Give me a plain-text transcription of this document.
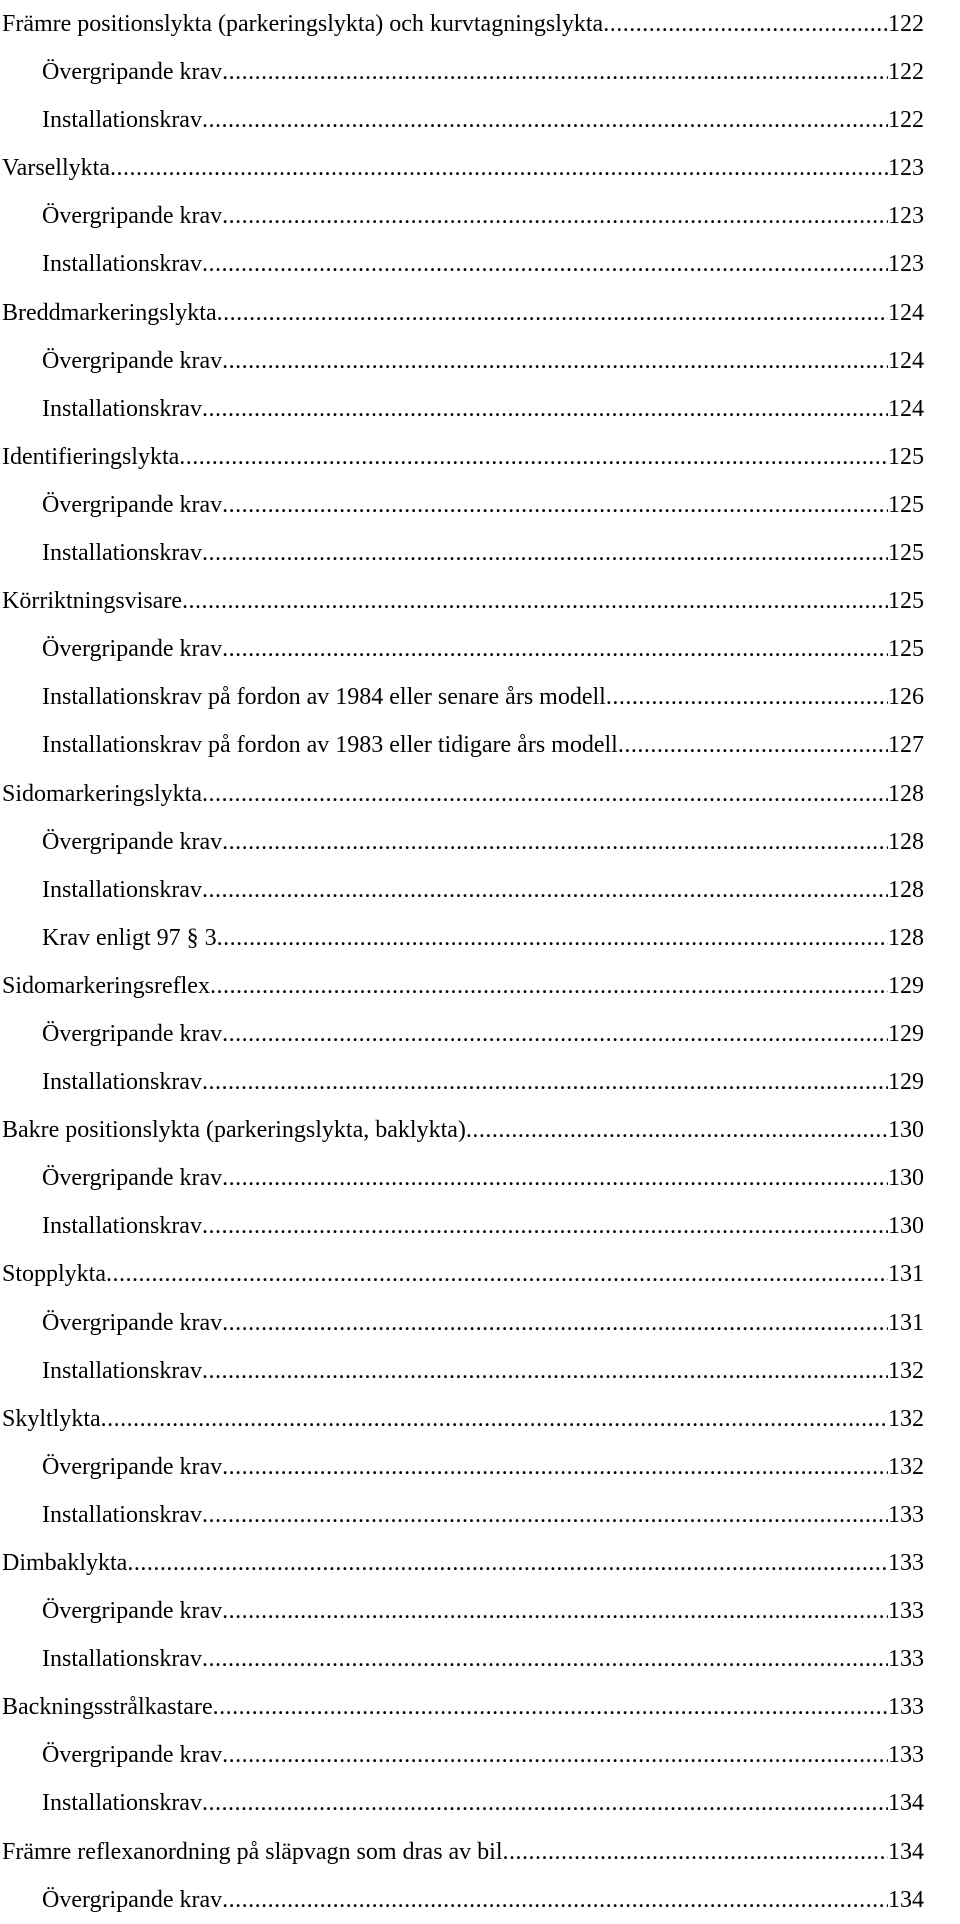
Främre positionslykta (parkeringslykta) och kurvtagningslykta .....	122
Övergripande krav .....	122
Installationskrav .....	122
Varsellykta .....	123
Övergripande krav .....	123
Installationskrav .....	123
Breddmarkeringslykta .....	124
Övergripande krav .....	124
Installationskrav .....	124
Identifieringslykta .....	125
Övergripande krav .....	125
Installationskrav .....	125
Körriktningsvisare .....	125
Övergripande krav .....	125
Installationskrav på fordon av 1984 eller senare års modell .....	126
Installationskrav på fordon av 1983 eller tidigare års modell .....	127
Sidomarkeringslykta .....	128
Övergripande krav .....	128
Installationskrav .....	128
Krav enligt 97 § 3 .....	128
Sidomarkeringsreflex .....	129
Övergripande krav .....	129
Installationskrav .....	129
Bakre positionslykta (parkeringslykta, baklykta) .....	130
Övergripande krav .....	130
Installationskrav .....	130
Stopplykta .....	131
Övergripande krav .....	131
Installationskrav .....	132
Skyltlykta .....	132
Övergripande krav .....	132
Installationskrav .....	133
Dimbaklykta .....	133
Övergripande krav .....	133
Installationskrav .....	133
Backningsstrålkastare .....	133
Övergripande krav .....	133
Installationskrav .....	134
Främre reflexanordning på släpvagn som dras av bil .....	134
Övergripande krav .....	134
